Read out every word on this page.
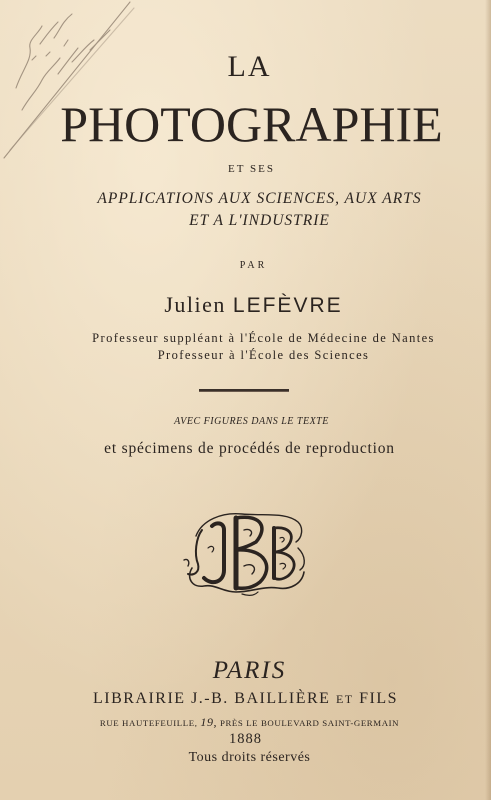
LA
PHOTOGRAPHIE
ET SES
APPLICATIONS AUX SCIENCES, AUX ARTS
ET A L'INDUSTRIE
PAR
Julien LEFÈVRE
Professeur suppléant à l'École de Médecine de Nantes
Professeur à l'École des Sciences
AVEC FIGURES DANS LE TEXTE
et spécimens de procédés de reproduction
PARIS
LIBRAIRIE J.-B. BAILLIÈRE ET FILS
RUE HAUTEFEUILLE, 19, PRÈS LE BOULEVARD SAINT-GERMAIN
1888
Tous droits réservés
